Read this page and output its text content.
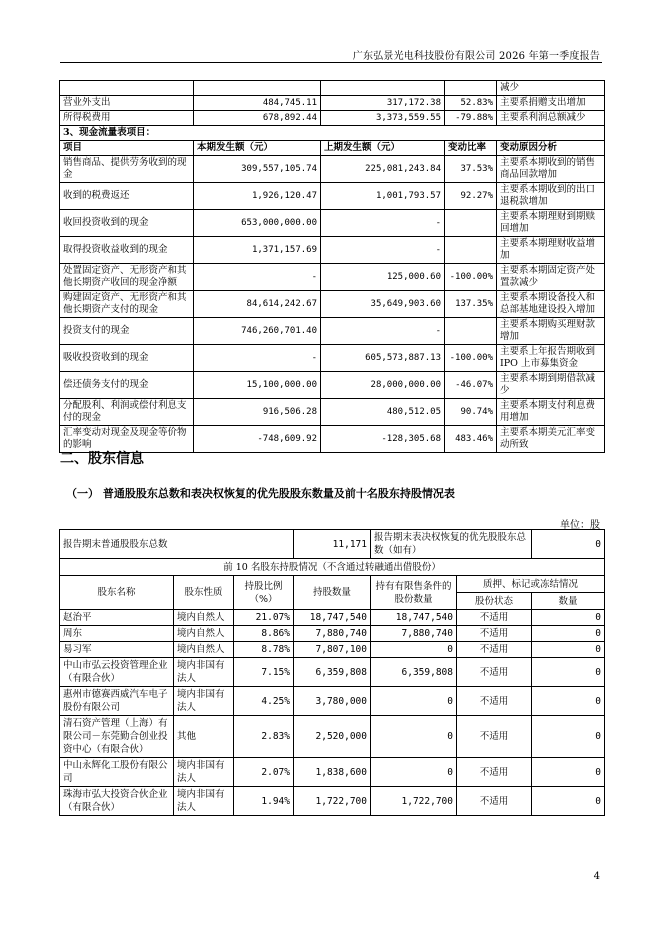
广东弘景光电科技股份有限公司 2026 年第一季度报告
				减少
营业外支出	484,745.11	317,172.38	52.83%	主要系捐赠支出增加
所得税费用	678,892.44	3,373,559.55	-79.88%	主要系利润总额减少
3、现金流量表项目：				
项目	本期发生额（元）	上期发生额（元）	变动比率	变动原因分析
销售商品、提供劳务收到的现金	309,557,105.74	225,081,243.84	37.53%	主要系本期收到的销售商品回款增加
收到的税费返还	1,926,120.47	1,001,793.57	92.27%	主要系本期收到的出口退税款增加
收回投资收到的现金	653,000,000.00	-		主要系本期理财到期赎回增加
取得投资收益收到的现金	1,371,157.69	-		主要系本期理财收益增加
处置固定资产、无形资产和其他长期资产收回的现金净额	-	125,000.60	-100.00%	主要系本期固定资产处置款减少
购建固定资产、无形资产和其他长期资产支付的现金	84,614,242.67	35,649,903.60	137.35%	主要系本期设备投入和总部基地建设投入增加
投资支付的现金	746,260,701.40	-		主要系本期购买理财款增加
吸收投资收到的现金	-	605,573,887.13	-100.00%	主要系上年报告期收到 IPO 上市募集资金
偿还债务支付的现金	15,100,000.00	28,000,000.00	-46.07%	主要系本期到期借款减少
分配股利、利润或偿付利息支付的现金	916,506.28	480,512.05	90.74%	主要系本期支付利息费用增加
汇率变动对现金及现金等价物的影响	-748,609.92	-128,305.68	483.46%	主要系本期美元汇率变动所致
二、股东信息
（一） 普通股股东总数和表决权恢复的优先股股东数量及前十名股东持股情况表
单位：股
报告期末普通股股东总数			11,171	报告期末表决权恢复的优先股股东总数（如有）		0
前 10 名股东持股情况（不含通过转融通出借股份）						
股东名称	股东性质	持股比例（%）	持股数量	持有有限售条件的股份数量	质押、标记或冻结情况	
					股份状态	数量
赵治平	境内自然人	21.07%	18,747,540	18,747,540	不适用	0
周东	境内自然人	8.86%	7,880,740	7,880,740	不适用	0
易习军	境内自然人	8.78%	7,807,100	0	不适用	0
中山市弘云投资管理企业（有限合伙）	境内非国有法人	7.15%	6,359,808	6,359,808	不适用	0
惠州市德赛西威汽车电子股份有限公司	境内非国有法人	4.25%	3,780,000	0	不适用	0
清石资产管理（上海）有限公司－东莞勤合创业投资中心（有限合伙）	其他	2.83%	2,520,000	0	不适用	0
中山永辉化工股份有限公司	境内非国有法人	2.07%	1,838,600	0	不适用	0
珠海市弘大投资合伙企业（有限合伙）	境内非国有法人	1.94%	1,722,700	1,722,700	不适用	0
4
